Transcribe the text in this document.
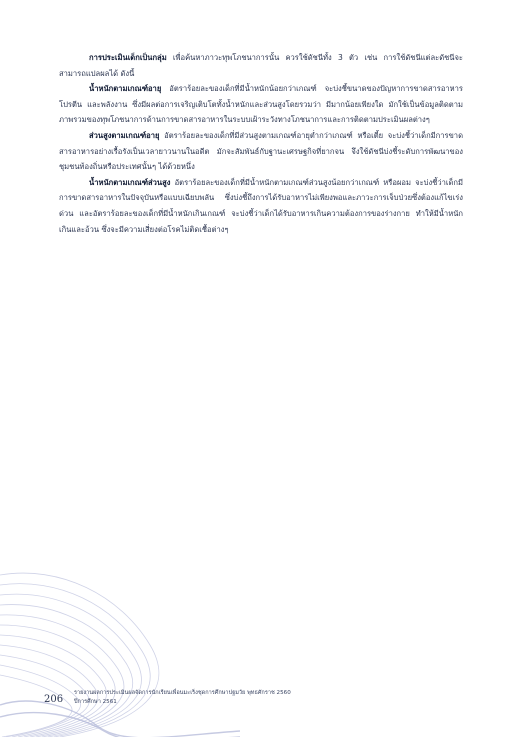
การประเมินเด็กเป็นกลุ่ม เพื่อค้นหาภาวะทุพโภชนาการนั้น ควรใช้ดัชนีทั้ง 3 ตัว เช่น การใช้ดัชนีแต่ละดัชนีจะสามารถแปลผลได้ ดังนี้

น้ำหนักตามเกณฑ์อายุ อัตราร้อยละของเด็กที่มีน้ำหนักน้อยกว่าเกณฑ์ จะบ่งชี้ขนาดของปัญหาการขาดสารอาหาร โปรตีน และพลังงาน ซึ่งมีผลต่อการเจริญเติบโตทั้งน้ำหนักและส่วนสูงโดยรวมว่า มีมากน้อยเพียงใด มักใช้เป็นข้อมูลติดตามภาพรวมของทุพโภชนาการด้านการขาดสารอาหารในระบบเฝ้าระวังทางโภชนาการและการติดตามประเมินผลต่างๆ

ส่วนสูงตามเกณฑ์อายุ อัตราร้อยละของเด็กที่มีส่วนสูงตามเกณฑ์อายุต่ำกว่าเกณฑ์ หรือเตี้ย จะบ่งชี้ว่าเด็กมีการขาดสารอาหารอย่างเรื้อรังเป็นเวลายาวนานในอดีต มักจะสัมพันธ์กับฐานะเศรษฐกิจที่ยากจน จึงใช้ดัชนีบ่งชี้ระดับการพัฒนาของชุมชนท้องถิ่นหรือประเทศนั้นๆ ได้ด้วยหนึ่ง

น้ำหนักตามเกณฑ์ส่วนสูง อัตราร้อยละของเด็กที่มีน้ำหนักตามเกณฑ์ส่วนสูงน้อยกว่าเกณฑ์ หรือผอม จะบ่งชี้ว่าเด็กมีการขาดสารอาหารในปัจจุบันหรือแบบเฉียบพลัน ซึ่งบ่งชี้ถึงการได้รับอาหารไม่เพียงพอและภาวะการเจ็บป่วยซึ่งต้องแก้ไขเร่งด่วน และอัตราร้อยละของเด็กที่มีน้ำหนักเกินเกณฑ์ จะบ่งชี้ว่าเด็กได้รับอาหารเกินความต้องการของร่างกาย ทำให้มีน้ำหนักเกินและอ้วน ซึ่งจะมีความเสี่ยงต่อโรคไม่ติดเชื้อต่างๆ

206
รายงานผลการประเมินผลจัดการนักเรียนเพื่อนมะเร็งชุดการศึกษาปฐมวัย พุทธศักราช 2560
ปีการศึกษา 2561
